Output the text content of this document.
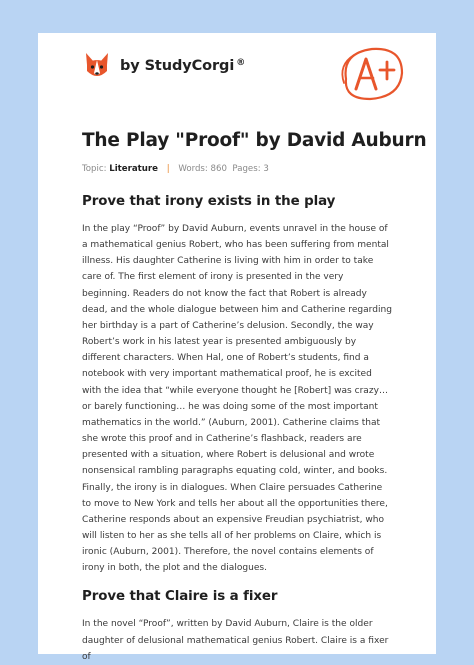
by StudyCorgi ®
The Play "Proof" by David Auburn
Topic: Literature | Words: 860 Pages: 3
Prove that irony exists in the play

In the play “Proof” by David Auburn, events unravel in the house of a mathematical genius Robert, who has been suffering from mental illness. His daughter Catherine is living with him in order to take care of. The first element of irony is presented in the very beginning. Readers do not know the fact that Robert is already dead, and the whole dialogue between him and Catherine regarding her birthday is a part of Catherine’s delusion. Secondly, the way Robert’s work in his latest year is presented ambiguously by different characters. When Hal, one of Robert’s students, find a notebook with very important mathematical proof, he is excited with the idea that “while everyone thought he [Robert] was crazy… or barely functioning… he was doing some of the most important mathematics in the world.” (Auburn, 2001). Catherine claims that she wrote this proof and in Catherine’s flashback, readers are presented with a situation, where Robert is delusional and wrote nonsensical rambling paragraphs equating cold, winter, and books. Finally, the irony is in dialogues. When Claire persuades Catherine to move to New York and tells her about all the opportunities there, Catherine responds about an expensive Freudian psychiatrist, who will listen to her as she tells all of her problems on Claire, which is ironic (Auburn, 2001). Therefore, the novel contains elements of irony in both, the plot and the dialogues.

Prove that Claire is a fixer

In the novel “Proof”, written by David Auburn, Claire is the older daughter of delusional mathematical genius Robert. Claire is a fixer of
